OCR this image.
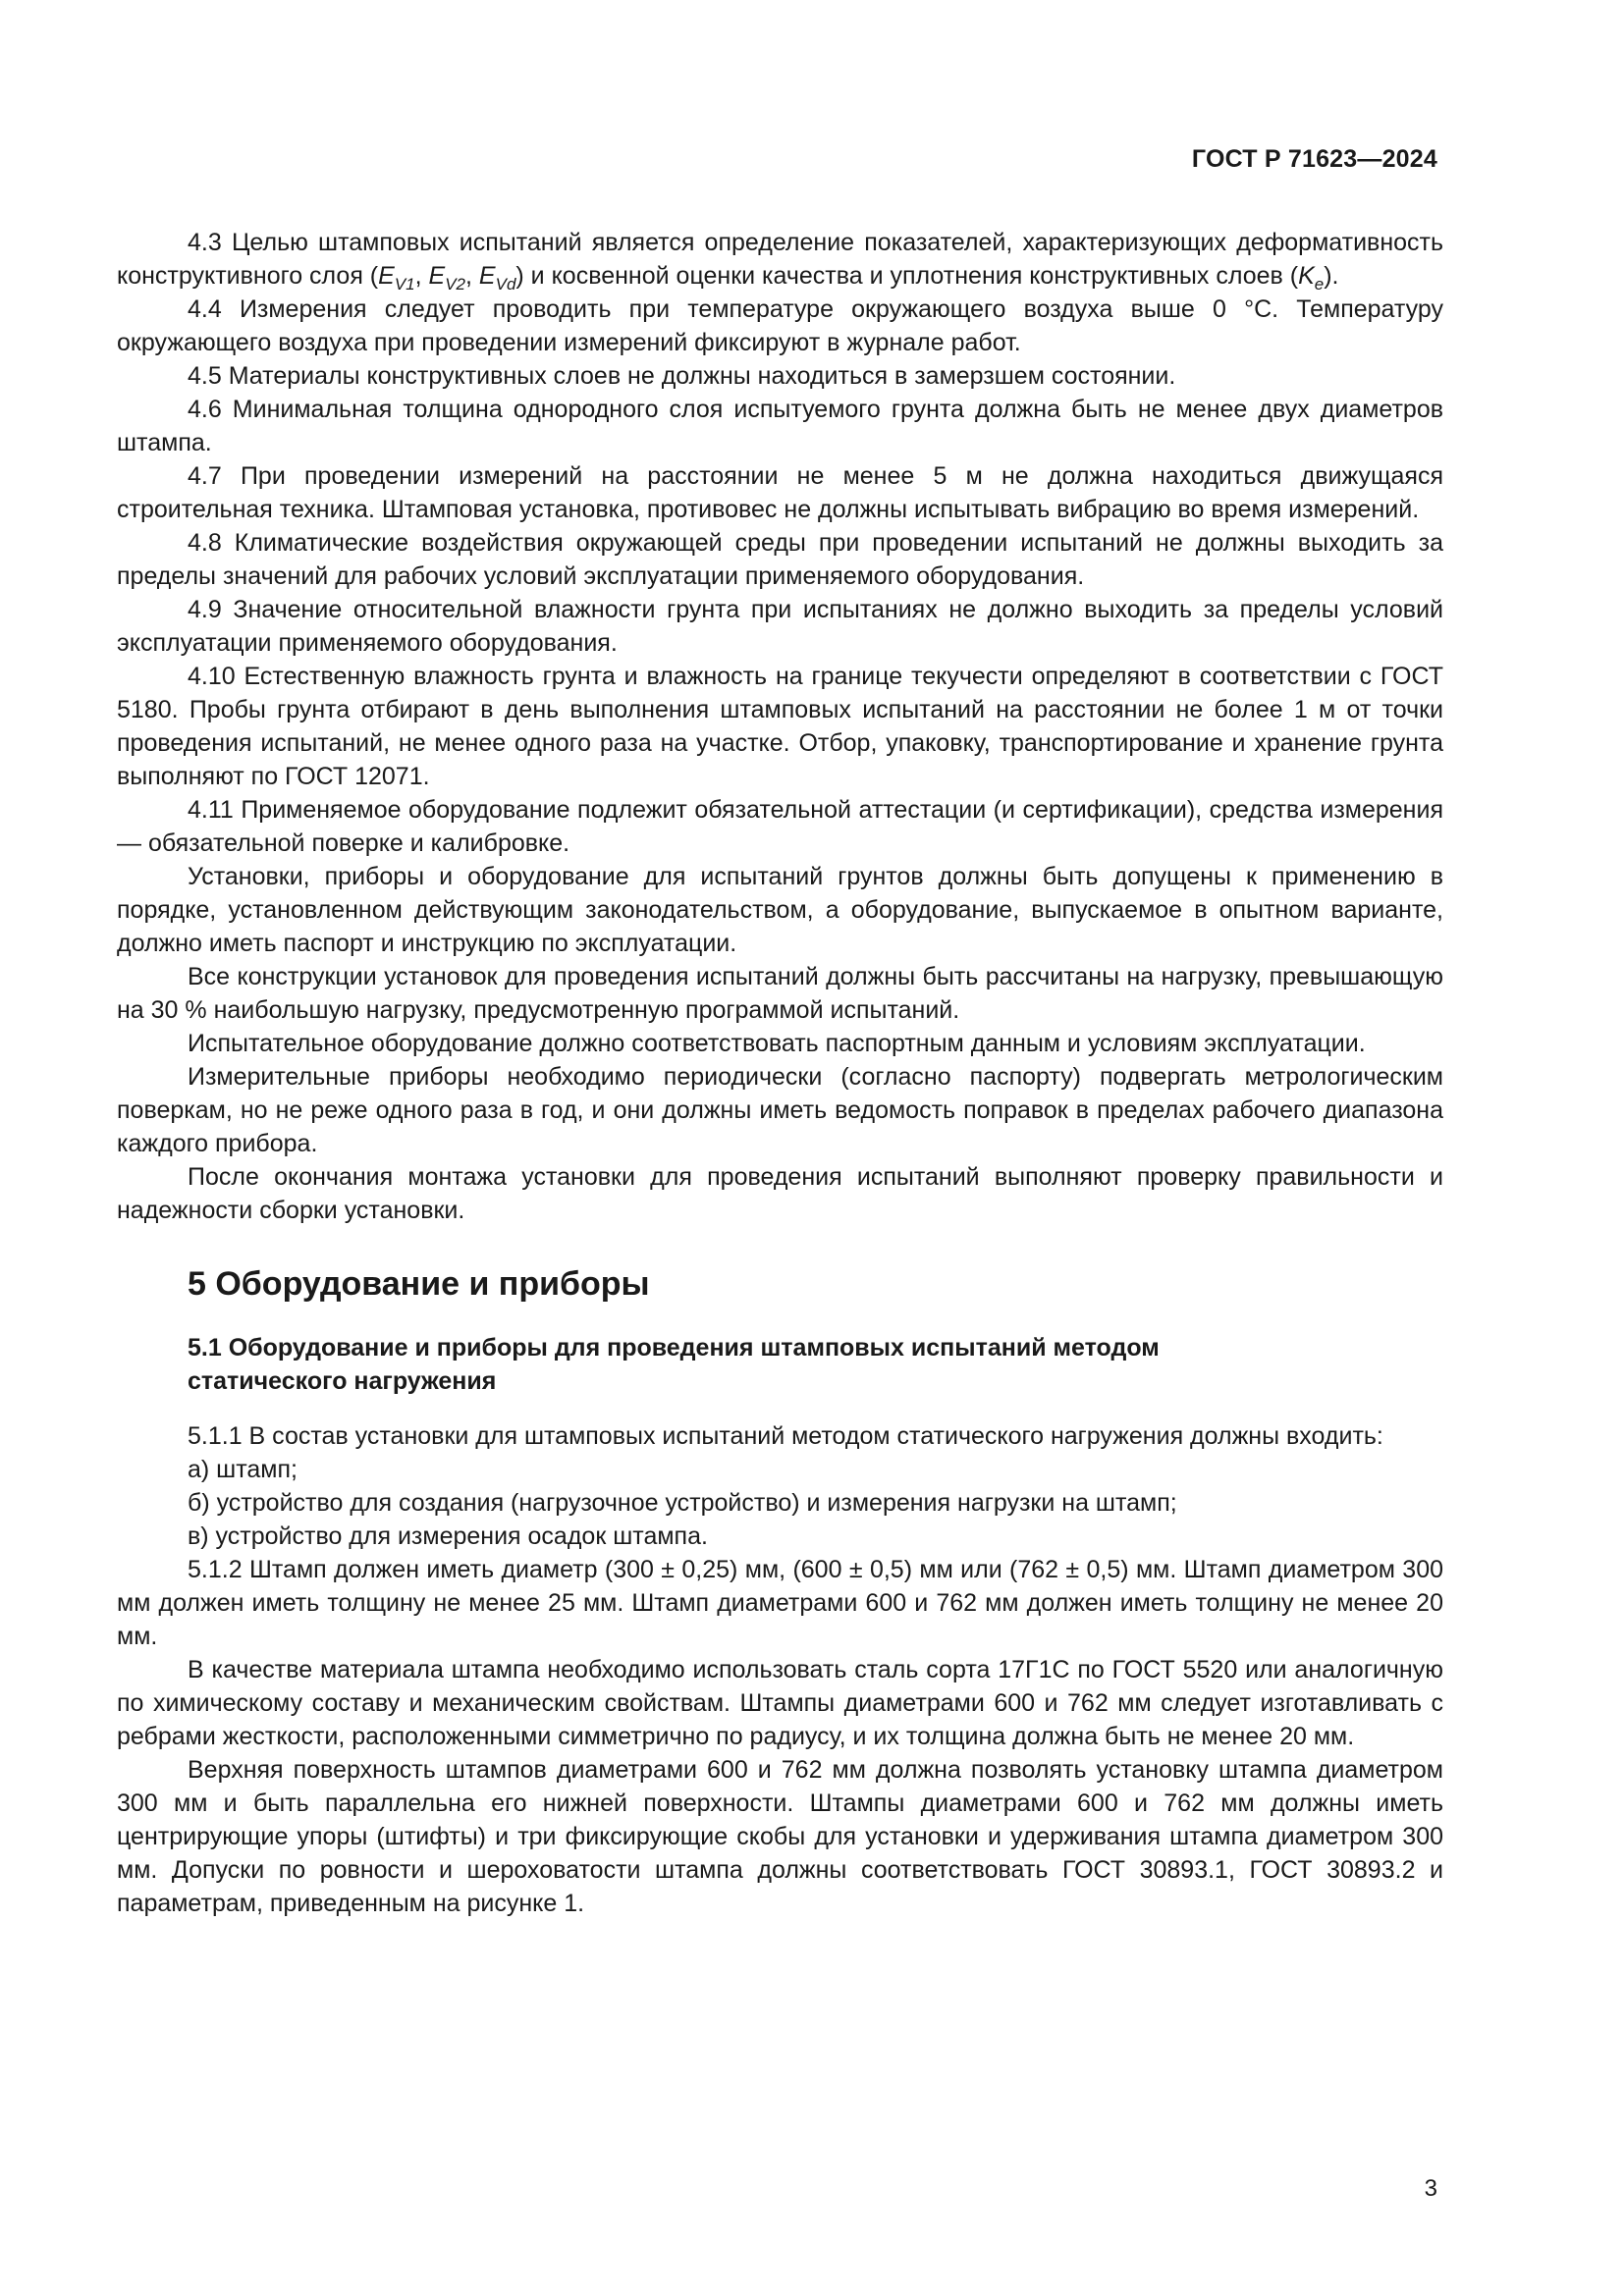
ГОСТ Р 71623—2024

4.3 Целью штамповых испытаний является определение показателей, характеризующих деформативность конструктивного слоя ($E_{V1}$, $E_{V2}$, $E_{Vd}$) и косвенной оценки качества и уплотнения конструктивных слоев $(K_e)$.

4.4 Измерения следует проводить при температуре окружающего воздуха выше 0 °С. Температуру окружающего воздуха при проведении измерений фиксируют в журнале работ.

4.5 Материалы конструктивных слоев не должны находиться в замерзшем состоянии.

4.6 Минимальная толщина однородного слоя испытуемого грунта должна быть не менее двух диаметров штампа.

4.7 При проведении измерений на расстоянии не менее 5 м не должна находиться движущаяся строительная техника. Штамповая установка, противовес не должны испытывать вибрацию во время измерений.

4.8 Климатические воздействия окружающей среды при проведении испытаний не должны выходить за пределы значений для рабочих условий эксплуатации применяемого оборудования.

4.9 Значение относительной влажности грунта при испытаниях не должно выходить за пределы условий эксплуатации применяемого оборудования.

4.10 Естественную влажность грунта и влажность на границе текучести определяют в соответствии с ГОСТ 5180. Пробы грунта отбирают в день выполнения штамповых испытаний на расстоянии не более 1 м от точки проведения испытаний, не менее одного раза на участке. Отбор, упаковку, транспортирование и хранение грунта выполняют по ГОСТ 12071.

4.11 Применяемое оборудование подлежит обязательной аттестации (и сертификации), средства измерения — обязательной поверке и калибровке.

Установки, приборы и оборудование для испытаний грунтов должны быть допущены к применению в порядке, установленном действующим законодательством, а оборудование, выпускаемое в опытном варианте, должно иметь паспорт и инструкцию по эксплуатации.

Все конструкции установок для проведения испытаний должны быть рассчитаны на нагрузку, превышающую на 30 % наибольшую нагрузку, предусмотренную программой испытаний.

Испытательное оборудование должно соответствовать паспортным данным и условиям эксплуатации.

Измерительные приборы необходимо периодически (согласно паспорту) подвергать метрологическим поверкам, но не реже одного раза в год, и они должны иметь ведомость поправок в пределах рабочего диапазона каждого прибора.

После окончания монтажа установки для проведения испытаний выполняют проверку правильности и надежности сборки установки.

5 Оборудование и приборы
5.1 Оборудование и приборы для проведения штамповых испытаний методом статического нагружения

5.1.1 В состав установки для штамповых испытаний методом статического нагружения должны входить:

а) штамп;

б) устройство для создания (нагрузочное устройство) и измерения нагрузки на штамп;

в) устройство для измерения осадок штампа.

5.1.2 Штамп должен иметь диаметр (300 ± 0,25) мм, (600 ± 0,5) мм или (762 ± 0,5) мм. Штамп диаметром 300 мм должен иметь толщину не менее 25 мм. Штамп диаметрами 600 и 762 мм должен иметь толщину не менее 20 мм.

В качестве материала штампа необходимо использовать сталь сорта 17Г1С по ГОСТ 5520 или аналогичную по химическому составу и механическим свойствам. Штампы диаметрами 600 и 762 мм следует изготавливать с ребрами жесткости, расположенными симметрично по радиусу, и их толщина должна быть не менее 20 мм.

Верхняя поверхность штампов диаметрами 600 и 762 мм должна позволять установку штампа диаметром 300 мм и быть параллельна его нижней поверхности. Штампы диаметрами 600 и 762 мм должны иметь центрирующие упоры (штифты) и три фиксирующие скобы для установки и удерживания штампа диаметром 300 мм. Допуски по ровности и шероховатости штампа должны соответствовать ГОСТ 30893.1, ГОСТ 30893.2 и параметрам, приведенным на рисунке 1.

3
